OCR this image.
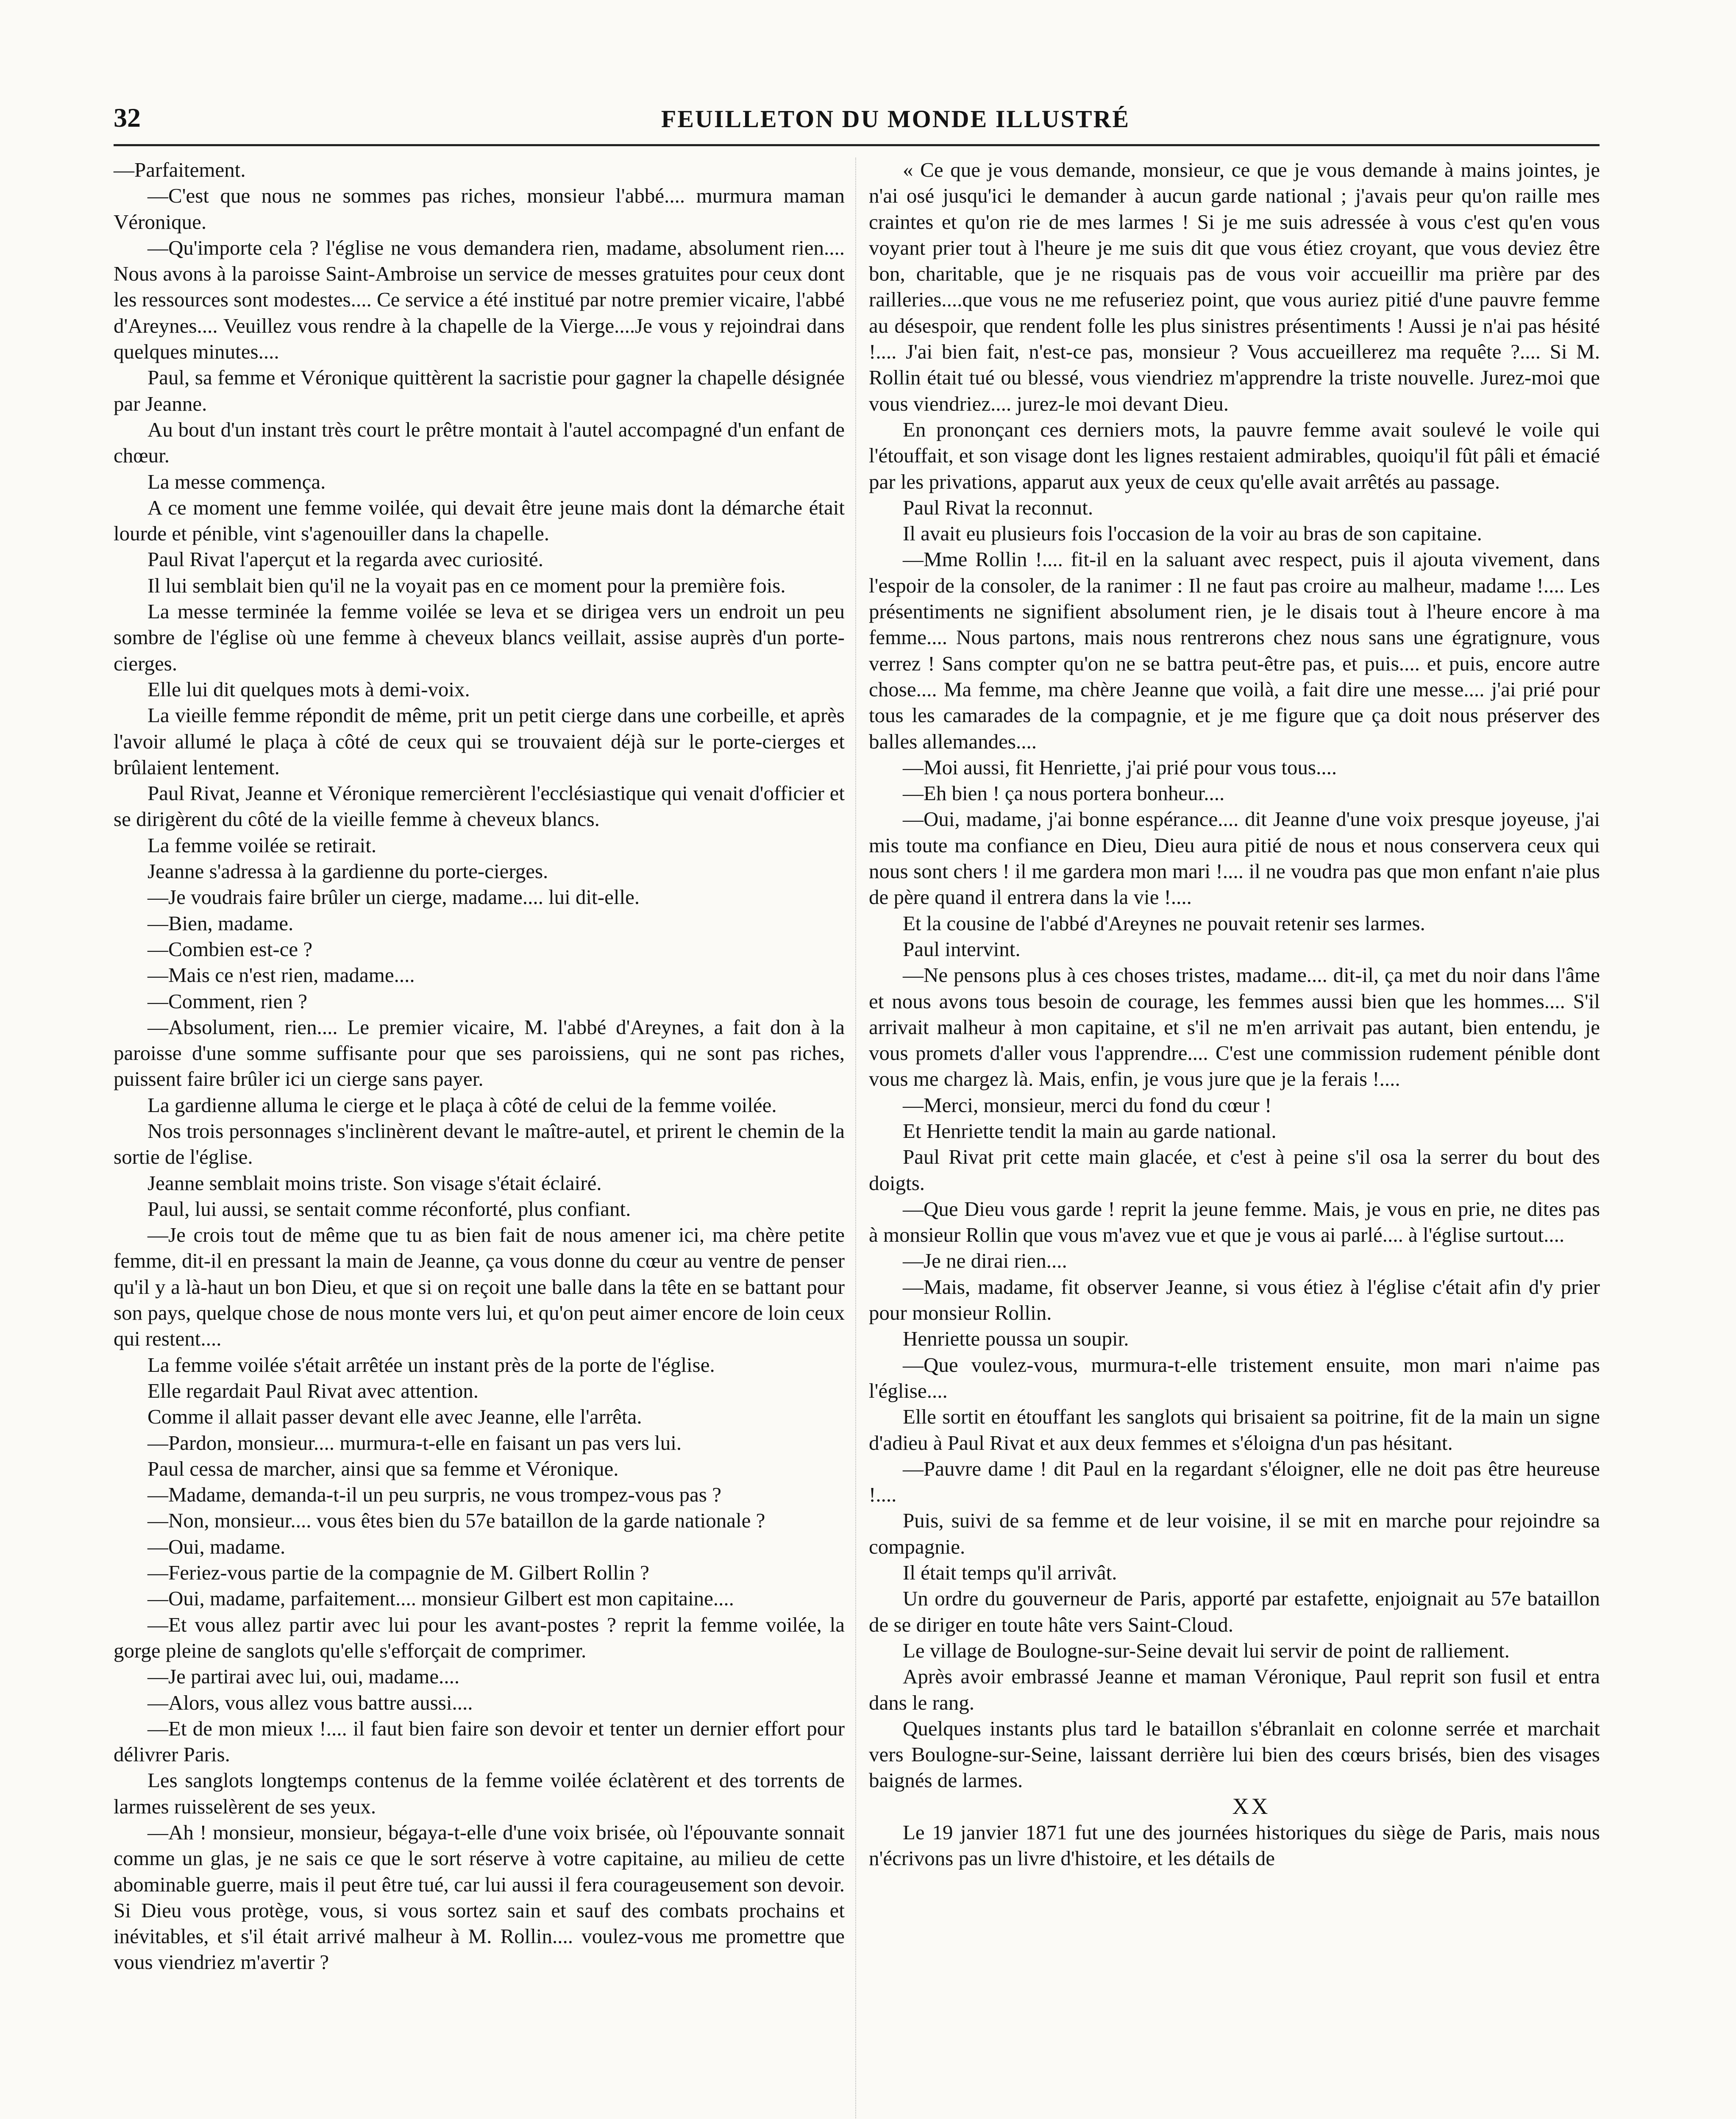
32	FEUILLETON DU MONDE ILLUSTRÉ

—Parfaitement.

—C'est que nous ne sommes pas riches, monsieur l'abbé.... murmura maman Véronique.

—Qu'importe cela ? l'église ne vous demandera rien, madame, absolument rien.... Nous avons à la paroisse Saint-Ambroise un service de messes gratuites pour ceux dont les ressources sont modestes.... Ce service a été institué par notre premier vicaire, l'abbé d'Areynes.... Veuillez vous rendre à la chapelle de la Vierge....Je vous y rejoindrai dans quelques minutes....

Paul, sa femme et Véronique quittèrent la sacristie pour gagner la chapelle désignée par Jeanne.

Au bout d'un instant très court le prêtre montait à l'autel accompagné d'un enfant de chœur.

La messe commença.

A ce moment une femme voilée, qui devait être jeune mais dont la démarche était lourde et pénible, vint s'agenouiller dans la chapelle.

Paul Rivat l'aperçut et la regarda avec curiosité.

Il lui semblait bien qu'il ne la voyait pas en ce moment pour la première fois.

La messe terminée la femme voilée se leva et se dirigea vers un endroit un peu sombre de l'église où une femme à cheveux blancs veillait, assise auprès d'un porte-cierges.

Elle lui dit quelques mots à demi-voix.

La vieille femme répondit de même, prit un petit cierge dans une corbeille, et après l'avoir allumé le plaça à côté de ceux qui se trouvaient déjà sur le porte-cierges et brûlaient lentement.

Paul Rivat, Jeanne et Véronique remercièrent l'ecclésiastique qui venait d'officier et se dirigèrent du côté de la vieille femme à cheveux blancs.

La femme voilée se retirait.

Jeanne s'adressa à la gardienne du porte-cierges.

—Je voudrais faire brûler un cierge, madame.... lui dit-elle.

—Bien, madame.

—Combien est-ce ?

—Mais ce n'est rien, madame....

—Comment, rien ?

—Absolument, rien.... Le premier vicaire, M. l'abbé d'Areynes, a fait don à la paroisse d'une somme suffisante pour que ses paroissiens, qui ne sont pas riches, puissent faire brûler ici un cierge sans payer.

La gardienne alluma le cierge et le plaça à côté de celui de la femme voilée.

Nos trois personnages s'inclinèrent devant le maître-autel, et prirent le chemin de la sortie de l'église.

Jeanne semblait moins triste. Son visage s'était éclairé.

Paul, lui aussi, se sentait comme réconforté, plus confiant.

—Je crois tout de même que tu as bien fait de nous amener ici, ma chère petite femme, dit-il en pressant la main de Jeanne, ça vous donne du cœur au ventre de penser qu'il y a là-haut un bon Dieu, et que si on reçoit une balle dans la tête en se battant pour son pays, quelque chose de nous monte vers lui, et qu'on peut aimer encore de loin ceux qui restent....

La femme voilée s'était arrêtée un instant près de la porte de l'église.

Elle regardait Paul Rivat avec attention.

Comme il allait passer devant elle avec Jeanne, elle l'arrêta.

—Pardon, monsieur.... murmura-t-elle en faisant un pas vers lui.

Paul cessa de marcher, ainsi que sa femme et Véronique.

—Madame, demanda-t-il un peu surpris, ne vous trompez-vous pas ?

—Non, monsieur.... vous êtes bien du 57e bataillon de la garde nationale ?

—Oui, madame.

—Feriez-vous partie de la compagnie de M. Gilbert Rollin ?

—Oui, madame, parfaitement.... monsieur Gilbert est mon capitaine....

—Et vous allez partir avec lui pour les avant-postes ? reprit la femme voilée, la gorge pleine de sanglots qu'elle s'efforçait de comprimer.

—Je partirai avec lui, oui, madame....

—Alors, vous allez vous battre aussi....

—Et de mon mieux !.... il faut bien faire son devoir et tenter un dernier effort pour délivrer Paris.

Les sanglots longtemps contenus de la femme voilée éclatèrent et des torrents de larmes ruisselèrent de ses yeux.

—Ah ! monsieur, monsieur, bégaya-t-elle d'une voix brisée, où l'épouvante sonnait comme un glas, je ne sais ce que le sort réserve à votre capitaine, au milieu de cette abominable guerre, mais il peut être tué, car lui aussi il fera courageusement son devoir. Si Dieu vous protège, vous, si vous sortez sain et sauf des combats prochains et inévitables, et s'il était arrivé malheur à M. Rollin.... voulez-vous me promettre que vous viendriez m'avertir ?

« Ce que je vous demande, monsieur, ce que je vous demande à mains jointes, je n'ai osé jusqu'ici le demander à aucun garde national ; j'avais peur qu'on raille mes craintes et qu'on rie de mes larmes ! Si je me suis adressée à vous c'est qu'en vous voyant prier tout à l'heure je me suis dit que vous étiez croyant, que vous deviez être bon, charitable, que je ne risquais pas de vous voir accueillir ma prière par des railleries....que vous ne me refuseriez point, que vous auriez pitié d'une pauvre femme au désespoir, que rendent folle les plus sinistres présentiments ! Aussi je n'ai pas hésité !.... J'ai bien fait, n'est-ce pas, monsieur ? Vous accueillerez ma requête ?.... Si M. Rollin était tué ou blessé, vous viendriez m'apprendre la triste nouvelle. Jurez-moi que vous viendriez.... jurez-le moi devant Dieu.

En prononçant ces derniers mots, la pauvre femme avait soulevé le voile qui l'étouffait, et son visage dont les lignes restaient admirables, quoiqu'il fût pâli et émacié par les privations, apparut aux yeux de ceux qu'elle avait arrêtés au passage.

Paul Rivat la reconnut.

Il avait eu plusieurs fois l'occasion de la voir au bras de son capitaine.

—Mme Rollin !.... fit-il en la saluant avec respect, puis il ajouta vivement, dans l'espoir de la consoler, de la ranimer : Il ne faut pas croire au malheur, madame !.... Les présentiments ne signifient absolument rien, je le disais tout à l'heure encore à ma femme.... Nous partons, mais nous rentrerons chez nous sans une égratignure, vous verrez ! Sans compter qu'on ne se battra peut-être pas, et puis.... et puis, encore autre chose.... Ma femme, ma chère Jeanne que voilà, a fait dire une messe.... j'ai prié pour tous les camarades de la compagnie, et je me figure que ça doit nous préserver des balles allemandes....

—Moi aussi, fit Henriette, j'ai prié pour vous tous....

—Eh bien ! ça nous portera bonheur....

—Oui, madame, j'ai bonne espérance.... dit Jeanne d'une voix presque joyeuse, j'ai mis toute ma confiance en Dieu, Dieu aura pitié de nous et nous conservera ceux qui nous sont chers ! il me gardera mon mari !.... il ne voudra pas que mon enfant n'aie plus de père quand il entrera dans la vie !....

Et la cousine de l'abbé d'Areynes ne pouvait retenir ses larmes.

Paul intervint.

—Ne pensons plus à ces choses tristes, madame.... dit-il, ça met du noir dans l'âme et nous avons tous besoin de courage, les femmes aussi bien que les hommes.... S'il arrivait malheur à mon capitaine, et s'il ne m'en arrivait pas autant, bien entendu, je vous promets d'aller vous l'apprendre.... C'est une commission rudement pénible dont vous me chargez là. Mais, enfin, je vous jure que je la ferais !....

—Merci, monsieur, merci du fond du cœur !

Et Henriette tendit la main au garde national.

Paul Rivat prit cette main glacée, et c'est à peine s'il osa la serrer du bout des doigts.

—Que Dieu vous garde ! reprit la jeune femme. Mais, je vous en prie, ne dites pas à monsieur Rollin que vous m'avez vue et que je vous ai parlé.... à l'église surtout....

—Je ne dirai rien....

—Mais, madame, fit observer Jeanne, si vous étiez à l'église c'était afin d'y prier pour monsieur Rollin.

Henriette poussa un soupir.

—Que voulez-vous, murmura-t-elle tristement ensuite, mon mari n'aime pas l'église....

Elle sortit en étouffant les sanglots qui brisaient sa poitrine, fit de la main un signe d'adieu à Paul Rivat et aux deux femmes et s'éloigna d'un pas hésitant.

—Pauvre dame ! dit Paul en la regardant s'éloigner, elle ne doit pas être heureuse !....

Puis, suivi de sa femme et de leur voisine, il se mit en marche pour rejoindre sa compagnie.

Il était temps qu'il arrivât.

Un ordre du gouverneur de Paris, apporté par estafette, enjoignait au 57e bataillon de se diriger en toute hâte vers Saint-Cloud.

Le village de Boulogne-sur-Seine devait lui servir de point de ralliement.

Après avoir embrassé Jeanne et maman Véronique, Paul reprit son fusil et entra dans le rang.

Quelques instants plus tard le bataillon s'ébranlait en colonne serrée et marchait vers Boulogne-sur-Seine, laissant derrière lui bien des cœurs brisés, bien des visages baignés de larmes.

XX

Le 19 janvier 1871 fut une des journées historiques du siège de Paris, mais nous n'écrivons pas un livre d'histoire, et les détails de
